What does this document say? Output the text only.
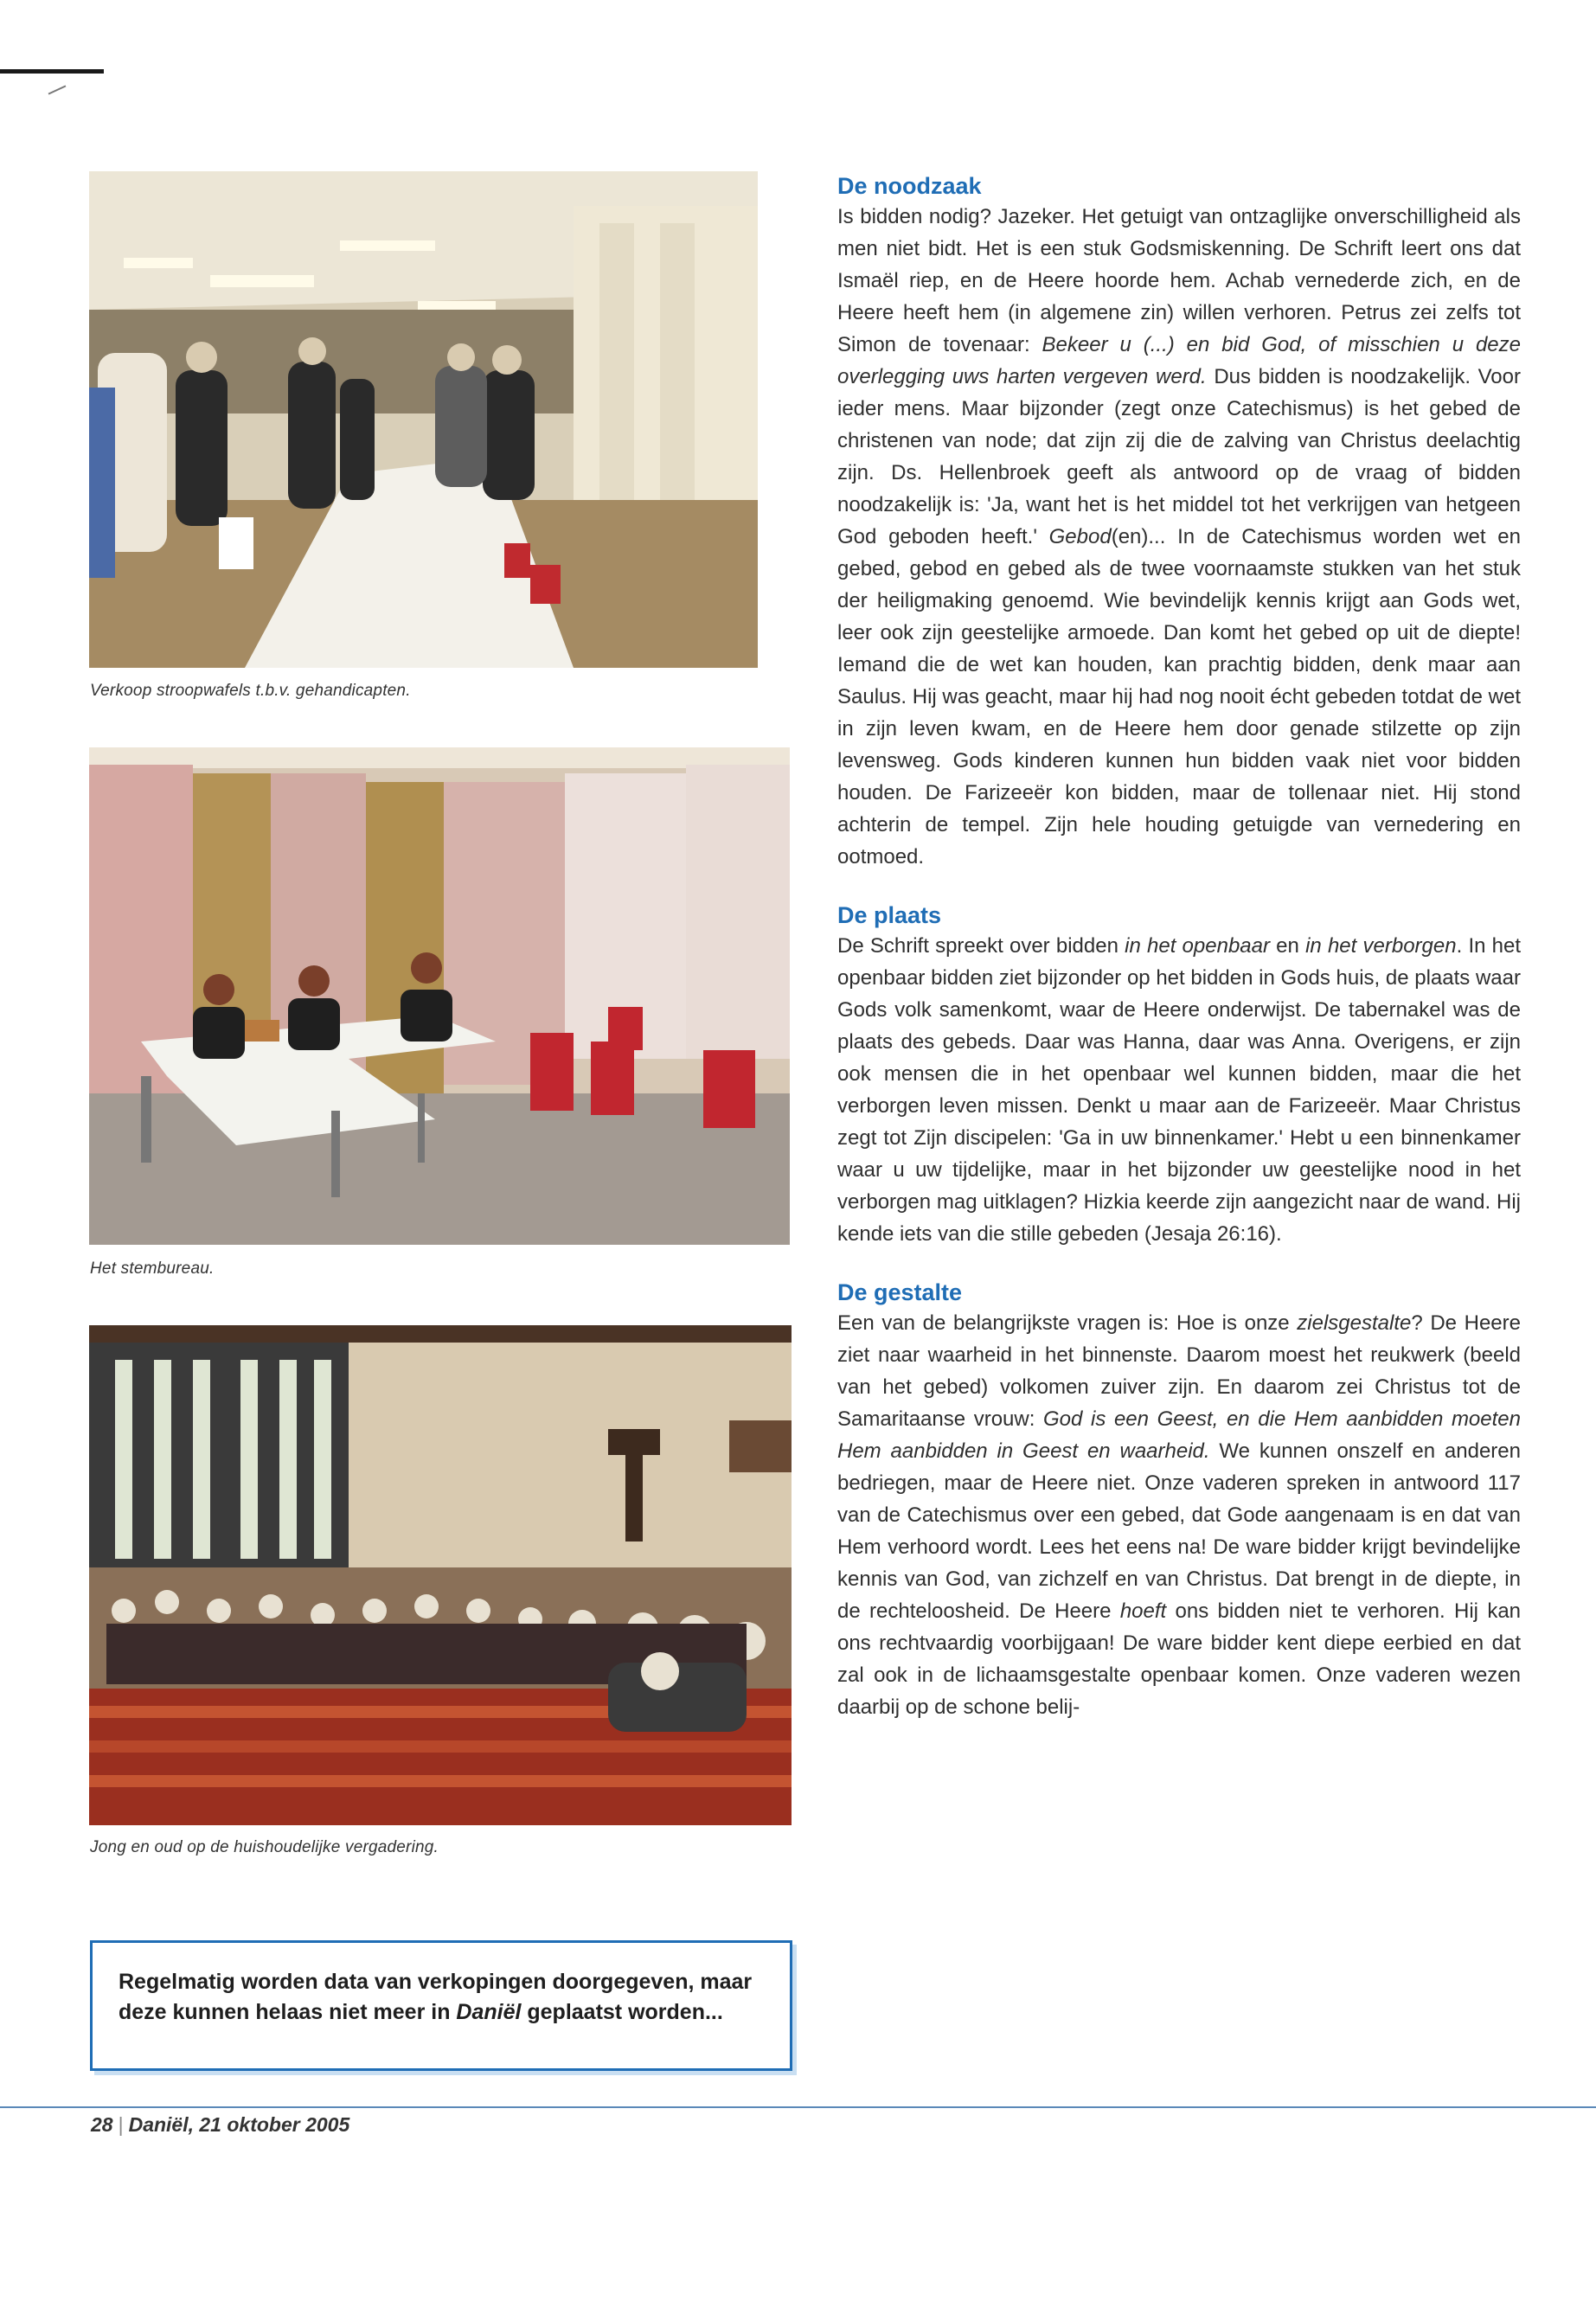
Verkoop stroopwafels t.b.v. gehandicapten.
Het stembureau.
Jong en oud op de huishoudelijke vergadering.
Regelmatig worden data van verkopingen doorgegeven, maar deze kunnen helaas niet meer in Daniël geplaatst worden...
De noodzaak

Is bidden nodig? Jazeker. Het getuigt van ontzaglijke onverschilligheid als men niet bidt. Het is een stuk Godsmiskenning. De Schrift leert ons dat Ismaël riep, en de Heere hoorde hem. Achab vernederde zich, en de Heere heeft hem (in algemene zin) willen verhoren. Petrus zei zelfs tot Simon de tovenaar: Bekeer u (...) en bid God, of misschien u deze overlegging uws harten vergeven werd. Dus bidden is noodzakelijk. Voor ieder mens. Maar bijzonder (zegt onze Catechismus) is het gebed de christenen van node; dat zijn zij die de zalving van Christus deelachtig zijn. Ds. Hellenbroek geeft als antwoord op de vraag of bidden noodzakelijk is: 'Ja, want het is het middel tot het verkrijgen van hetgeen God geboden heeft.' Gebod(en)... In de Catechismus worden wet en gebed, gebod en gebed als de twee voornaamste stukken van het stuk der heiligmaking genoemd. Wie bevindelijk kennis krijgt aan Gods wet, leer ook zijn geestelijke armoede. Dan komt het gebed op uit de diepte! Iemand die de wet kan houden, kan prachtig bidden, denk maar aan Saulus. Hij was geacht, maar hij had nog nooit écht gebeden totdat de wet in zijn leven kwam, en de Heere hem door genade stilzette op zijn levensweg. Gods kinderen kunnen hun bidden vaak niet voor bidden houden. De Farizeeër kon bidden, maar de tollenaar niet. Hij stond achterin de tempel. Zijn hele houding getuigde van vernedering en ootmoed.

De plaats

De Schrift spreekt over bidden in het openbaar en in het verborgen. In het openbaar bidden ziet bijzonder op het bidden in Gods huis, de plaats waar Gods volk samenkomt, waar de Heere onderwijst. De tabernakel was de plaats des gebeds. Daar was Hanna, daar was Anna. Overigens, er zijn ook mensen die in het openbaar wel kunnen bidden, maar die het verborgen leven missen. Denkt u maar aan de Farizeeër. Maar Christus zegt tot Zijn discipelen: 'Ga in uw binnenkamer.' Hebt u een binnenkamer waar u uw tijdelijke, maar in het bijzonder uw geestelijke nood in het verborgen mag uitklagen? Hizkia keerde zijn aangezicht naar de wand. Hij kende iets van die stille gebeden (Jesaja 26:16).

De gestalte

Een van de belangrijkste vragen is: Hoe is onze zielsgestalte? De Heere ziet naar waarheid in het binnenste. Daarom moest het reukwerk (beeld van het gebed) volkomen zuiver zijn. En daarom zei Christus tot de Samaritaanse vrouw: God is een Geest, en die Hem aanbidden moeten Hem aanbidden in Geest en waarheid. We kunnen onszelf en anderen bedriegen, maar de Heere niet. Onze vaderen spreken in antwoord 117 van de Catechismus over een gebed, dat Gode aangenaam is en dat van Hem verhoord wordt. Lees het eens na! De ware bidder krijgt bevindelijke kennis van God, van zichzelf en van Christus. Dat brengt in de diepte, in de rechteloosheid. De Heere hoeft ons bidden niet te verhoren. Hij kan ons rechtvaardig voorbijgaan! De ware bidder kent diepe eerbied en dat zal ook in de lichaamsgestalte openbaar komen. Onze vaderen wezen daarbij op de schone belij-

28 | Daniël, 21 oktober 2005
